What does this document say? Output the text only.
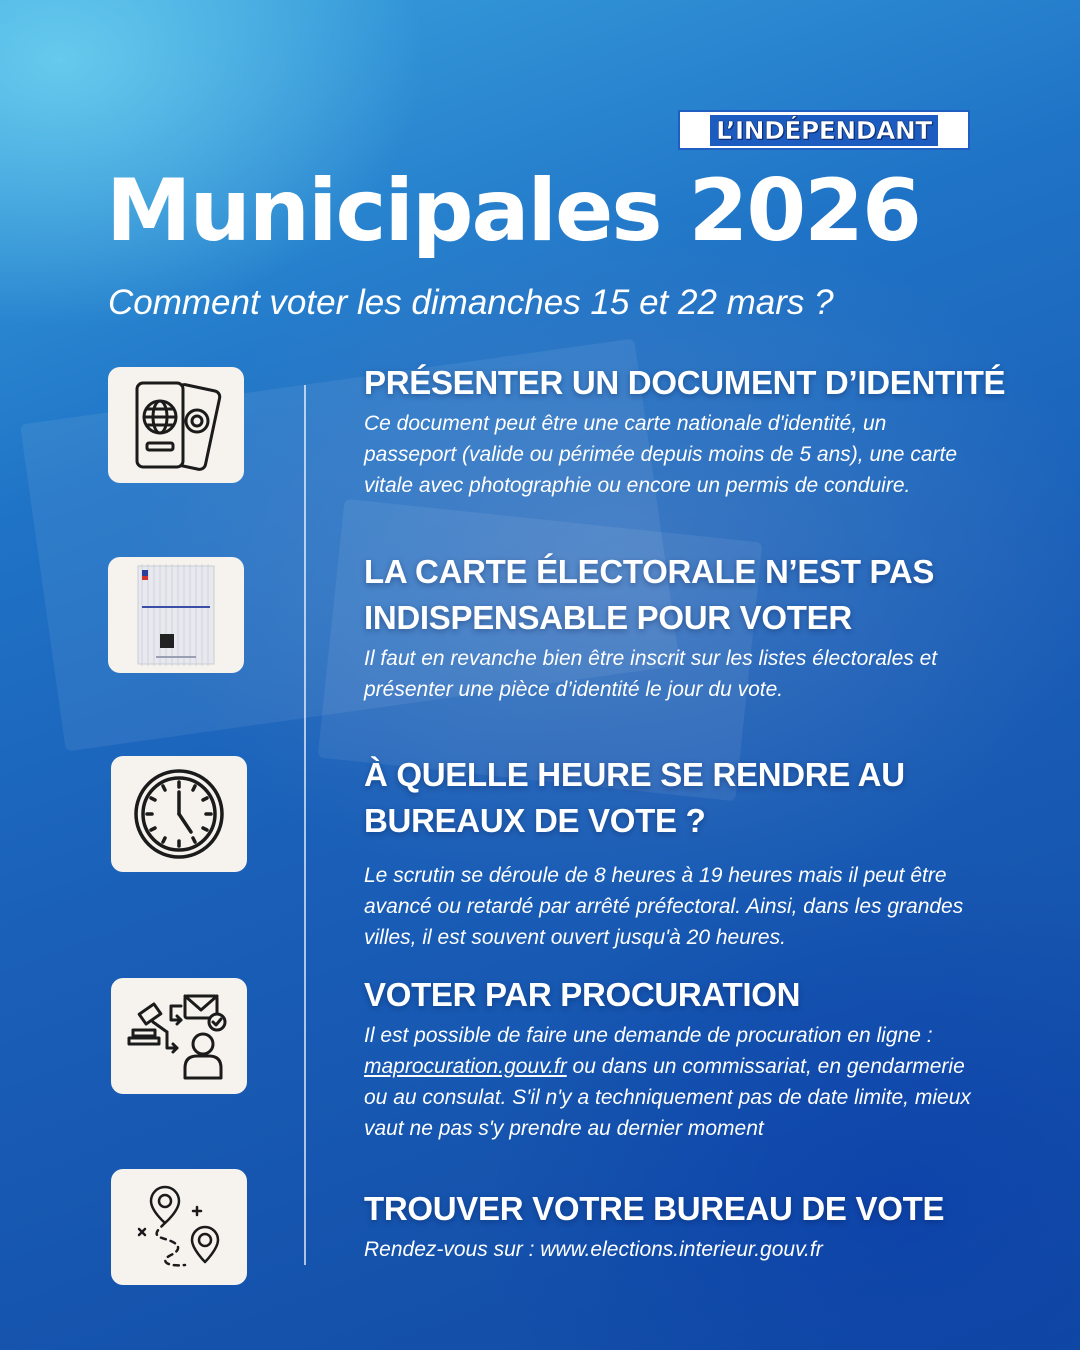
L’INDÉPENDANT
Municipales 2026
Comment voter les dimanches 15 et 22 mars ?
PRÉSENTER UN DOCUMENT D’IDENTITÉ

Ce document peut être une carte nationale d'identité, un passeport (valide ou périmée depuis moins de 5 ans), une carte vitale avec photographie ou encore un permis de conduire.

LA CARTE ÉLECTORALE N’EST PAS INDISPENSABLE POUR VOTER

Il faut en revanche bien être inscrit sur les listes électorales et présenter une pièce d’identité le jour du vote.

À QUELLE HEURE SE RENDRE AU BUREAUX DE VOTE ?

Le scrutin se déroule de 8 heures à 19 heures mais il peut être avancé ou retardé par arrêté préfectoral. Ainsi, dans les grandes villes, il est souvent ouvert jusqu'à 20 heures.

VOTER PAR PROCURATION

Il est possible de faire une demande de procuration en ligne : maprocuration.gouv.fr ou dans un commissariat, en gendarmerie ou au consulat. S'il n'y a techniquement pas de date limite, mieux vaut ne pas s'y prendre au dernier moment

TROUVER VOTRE BUREAU DE VOTE

Rendez-vous sur : www.elections.interieur.gouv.fr
